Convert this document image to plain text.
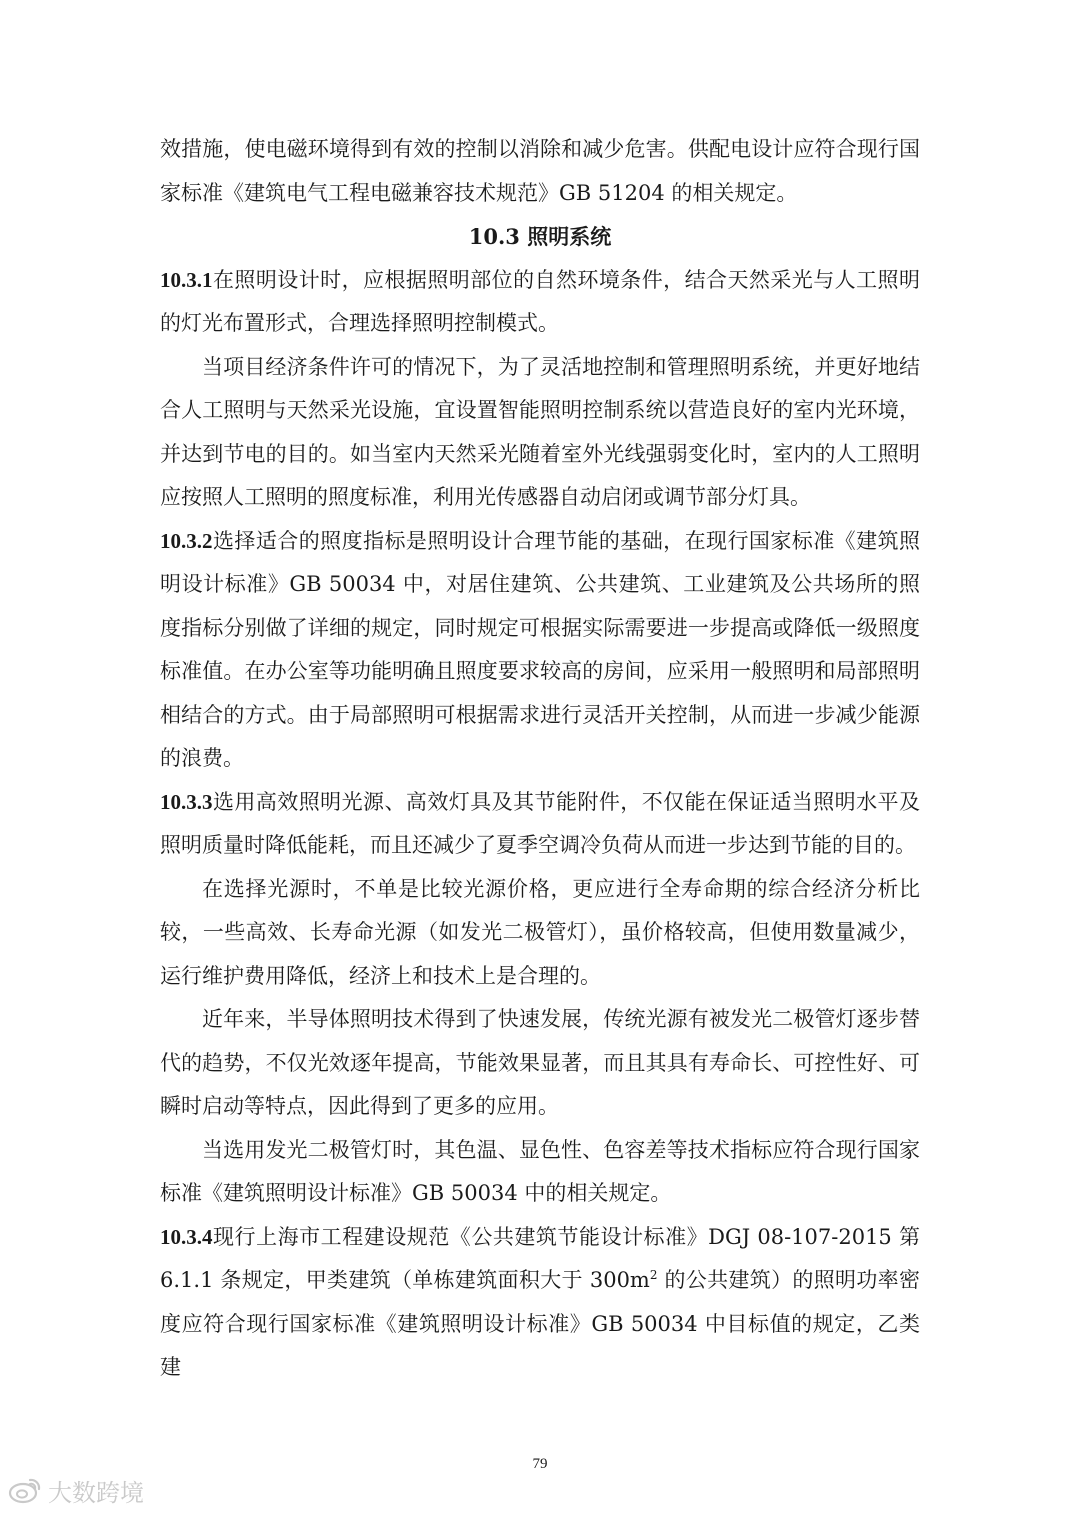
效措施，使电磁环境得到有效的控制以消除和减少危害。供配电设计应符合现行国家标准《建筑电气工程电磁兼容技术规范》GB 51204 的相关规定。

10.3 照明系统

10.3.1在照明设计时，应根据照明部位的自然环境条件，结合天然采光与人工照明的灯光布置形式，合理选择照明控制模式。

当项目经济条件许可的情况下，为了灵活地控制和管理照明系统，并更好地结合人工照明与天然采光设施，宜设置智能照明控制系统以营造良好的室内光环境，并达到节电的目的。如当室内天然采光随着室外光线强弱变化时，室内的人工照明应按照人工照明的照度标准，利用光传感器自动启闭或调节部分灯具。

10.3.2选择适合的照度指标是照明设计合理节能的基础，在现行国家标准《建筑照明设计标准》GB 50034 中，对居住建筑、公共建筑、工业建筑及公共场所的照度指标分别做了详细的规定，同时规定可根据实际需要进一步提高或降低一级照度标准值。在办公室等功能明确且照度要求较高的房间，应采用一般照明和局部照明相结合的方式。由于局部照明可根据需求进行灵活开关控制，从而进一步减少能源的浪费。

10.3.3选用高效照明光源、高效灯具及其节能附件，不仅能在保证适当照明水平及照明质量时降低能耗，而且还减少了夏季空调冷负荷从而进一步达到节能的目的。

在选择光源时，不单是比较光源价格，更应进行全寿命期的综合经济分析比较，一些高效、长寿命光源（如发光二极管灯），虽价格较高，但使用数量减少，运行维护费用降低，经济上和技术上是合理的。

近年来，半导体照明技术得到了快速发展，传统光源有被发光二极管灯逐步替代的趋势，不仅光效逐年提高，节能效果显著，而且其具有寿命长、可控性好、可瞬时启动等特点，因此得到了更多的应用。

当选用发光二极管灯时，其色温、显色性、色容差等技术指标应符合现行国家标准《建筑照明设计标准》GB 50034 中的相关规定。

10.3.4现行上海市工程建设规范《公共建筑节能设计标准》DGJ 08-107-2015 第 6.1.1 条规定，甲类建筑（单栋建筑面积大于 $300m^2$ 的公共建筑）的照明功率密度应符合现行国家标准《建筑照明设计标准》GB 50034 中目标值的规定，乙类建

79
大数跨境
